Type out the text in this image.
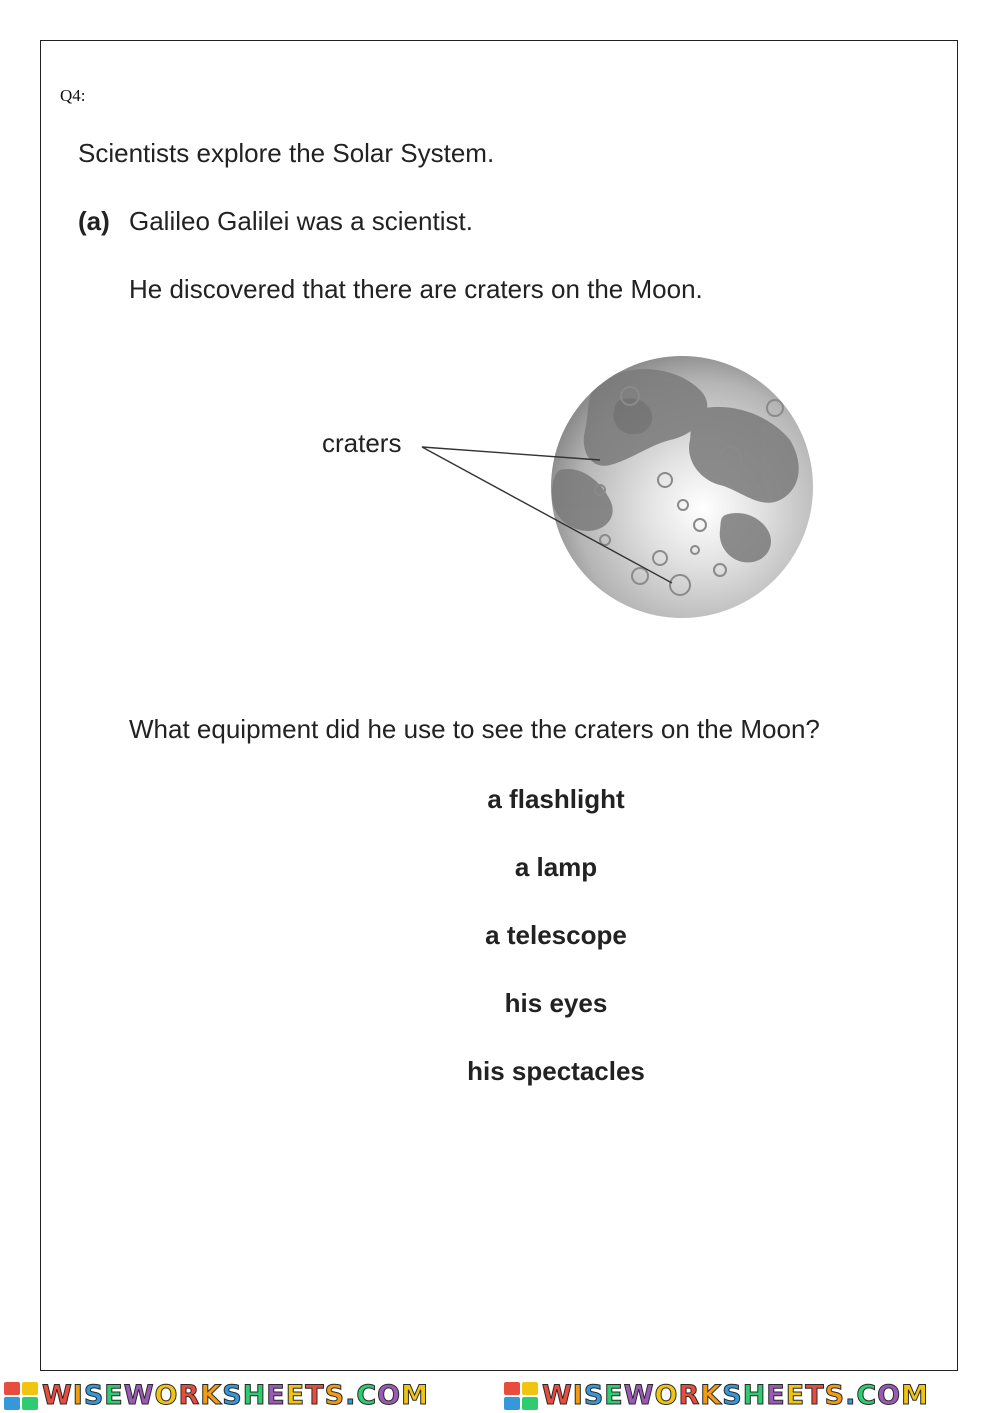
Q4:
Scientists explore the Solar System.
(a) Galileo Galilei was a scientist.
He discovered that there are craters on the Moon.
craters
What equipment did he use to see the craters on the Moon?
a flashlight
a lamp
a telescope
his eyes
his spectacles
WISEWORKSHEETS.COM	WISEWORKSHEETS.COM
